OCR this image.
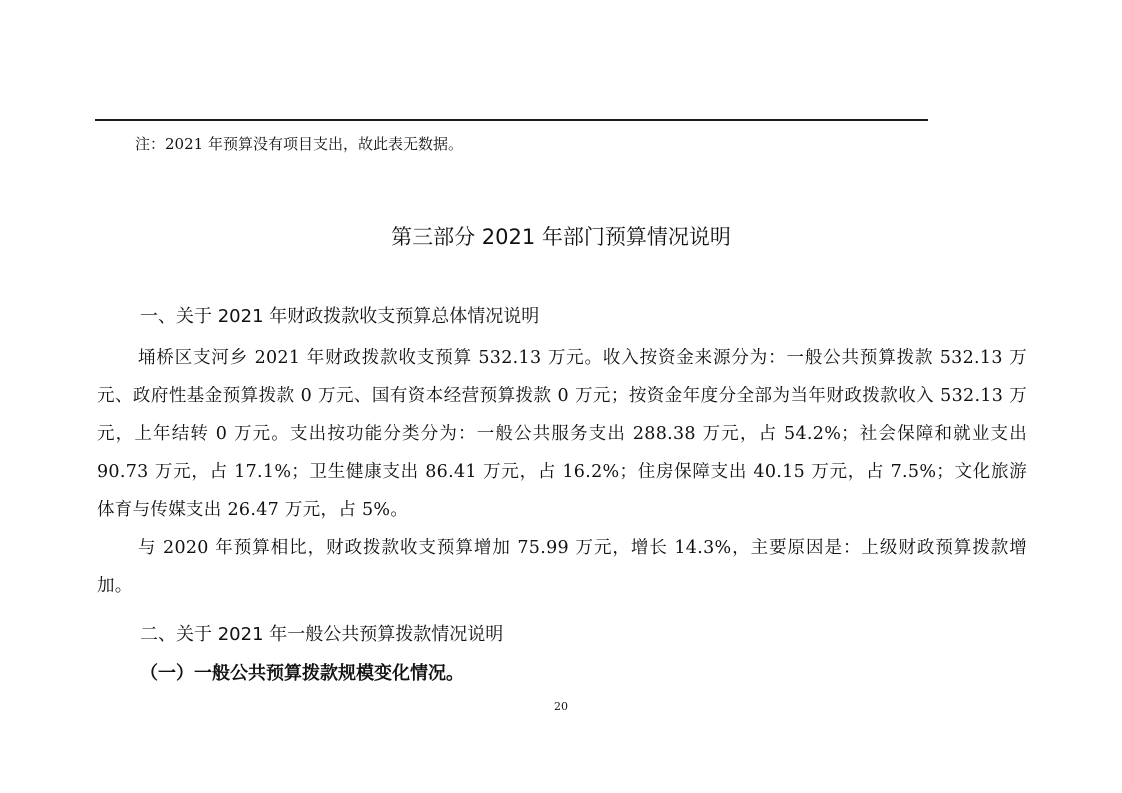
注：2021 年预算没有项目支出，故此表无数据。
第三部分 2021 年部门预算情况说明
一、关于 2021 年财政拨款收支预算总体情况说明

埇桥区支河乡 2021 年财政拨款收支预算 532.13 万元。收入按资金来源分为：一般公共预算拨款 532.13 万元、政府性基金预算拨款 0 万元、国有资本经营预算拨款 0 万元；按资金年度分全部为当年财政拨款收入 532.13 万元，上年结转 0 万元。支出按功能分类分为：一般公共服务支出 288.38 万元，占 54.2%；社会保障和就业支出 90.73 万元，占 17.1%；卫生健康支出 86.41 万元，占 16.2%；住房保障支出 40.15 万元，占 7.5%；文化旅游体育与传媒支出 26.47 万元，占 5%。

与 2020 年预算相比，财政拨款收支预算增加 75.99 万元，增长 14.3%，主要原因是：上级财政预算拨款增加。

二、关于 2021 年一般公共预算拨款情况说明
（一）一般公共预算拨款规模变化情况。
20
